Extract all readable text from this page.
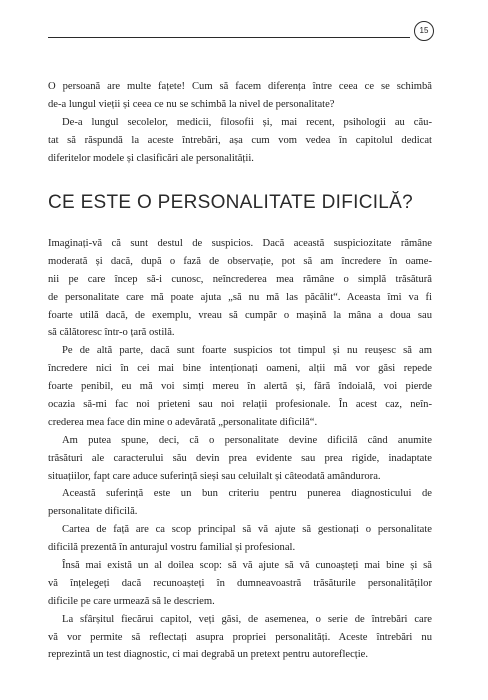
15
O persoană are multe fațete! Cum să facem diferența între ceea ce se schimbă
de-a lungul vieții și ceea ce nu se schimbă la nivel de personalitate?
De-a lungul secolelor, medicii, filosofii și, mai recent, psihologii au cău-
tat să răspundă la aceste întrebări, așa cum vom vedea în capitolul dedicat
diferitelor modele și clasificări ale personalității.
CE ESTE O PERSONALITATE DIFICILĂ?
Imaginați-vă că sunt destul de suspicios. Dacă această suspiciozitate rămâne
moderată și dacă, după o fază de observație, pot să am încredere în oame-
nii pe care încep să-i cunosc, neîncrederea mea rămâne o simplă trăsătură
de personalitate care mă poate ajuta „să nu mă las păcălit“. Aceasta îmi va fi
foarte utilă dacă, de exemplu, vreau să cumpăr o mașină la mâna a doua sau
să călătoresc într-o țară ostilă.
Pe de altă parte, dacă sunt foarte suspicios tot timpul și nu reușesc să am
încredere nici în cei mai bine intenționați oameni, alții mă vor găsi repede
foarte penibil, eu mă voi simți mereu în alertă și, fără îndoială, voi pierde
ocazia să-mi fac noi prieteni sau noi relații profesionale. În acest caz, neîn-
crederea mea face din mine o adevărată „personalitate dificilă“.
Am putea spune, deci, că o personalitate devine dificilă când anumite
trăsături ale caracterului său devin prea evidente sau prea rigide, inadaptate
situațiilor, fapt care aduce suferință sieși sau celuilalt și câteodată amândurora.
Această suferință este un bun criteriu pentru punerea diagnosticului de
personalitate dificilă.
Cartea de față are ca scop principal să vă ajute să gestionați o personalitate
dificilă prezentă în anturajul vostru familial și profesional.
Însă mai există un al doilea scop: să vă ajute să vă cunoașteți mai bine și să
vă înțelegeți dacă recunoașteți în dumneavoastră trăsăturile personalităților
dificile pe care urmează să le descriem.
La sfârșitul fiecărui capitol, veți găsi, de asemenea, o serie de întrebări care
vă vor permite să reflectați asupra propriei personalități. Aceste întrebări nu
reprezintă un test diagnostic, ci mai degrabă un pretext pentru autoreflecție.
